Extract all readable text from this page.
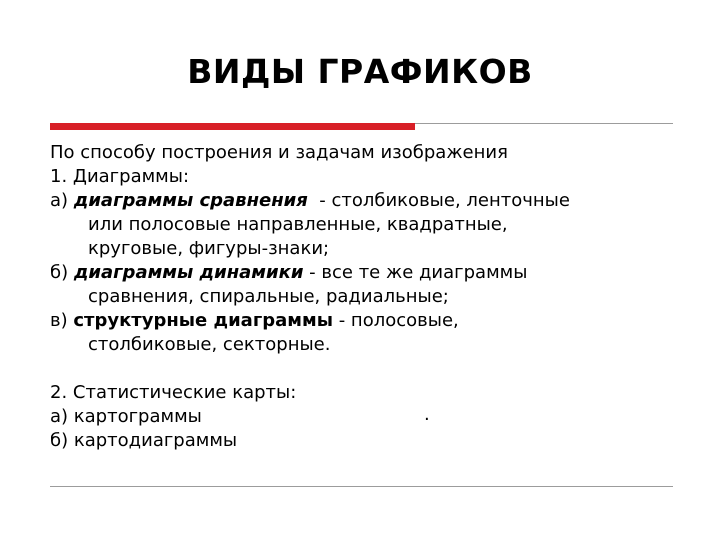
ВИДЫ ГРАФИКОВ
По способу построения и задачам изображения
1. Диаграммы:
а) диаграммы сравнения  - столбиковые, ленточные
или полосовые направленные, квадратные,
круговые, фигуры-знаки;
б) диаграммы динамики - все те же диаграммы
сравнения, спиральные, радиальные;
в) структурные диаграммы - полосовые,
столбиковые, секторные.
2. Статистические карты:
а) картограммы
б) картодиаграммы
.
